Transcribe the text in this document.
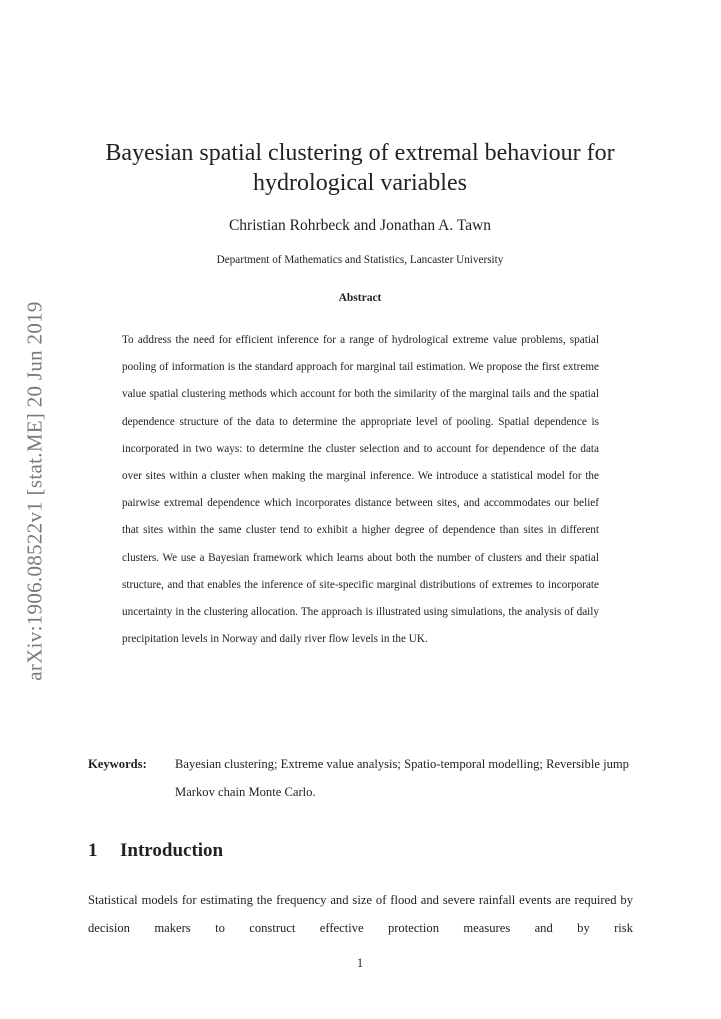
arXiv:1906.08522v1 [stat.ME] 20 Jun 2019
Bayesian spatial clustering of extremal behaviour for hydrological variables
Christian Rohrbeck and Jonathan A. Tawn
Department of Mathematics and Statistics, Lancaster University
Abstract

To address the need for efficient inference for a range of hydrological extreme value problems, spatial pooling of information is the standard approach for marginal tail estimation. We propose the first extreme value spatial clustering methods which account for both the similarity of the marginal tails and the spatial dependence structure of the data to determine the appropriate level of pooling. Spatial dependence is incorporated in two ways: to determine the cluster selection and to account for dependence of the data over sites within a cluster when making the marginal inference. We introduce a statistical model for the pairwise extremal dependence which incorporates distance between sites, and accommodates our belief that sites within the same cluster tend to exhibit a higher degree of dependence than sites in different clusters. We use a Bayesian framework which learns about both the number of clusters and their spatial structure, and that enables the inference of site-specific marginal distributions of extremes to incorporate uncertainty in the clustering allocation. The approach is illustrated using simulations, the analysis of daily precipitation levels in Norway and daily river flow levels in the UK.

Keywords: Bayesian clustering; Extreme value analysis; Spatio-temporal modelling; Reversible jump Markov chain Monte Carlo.
1 Introduction

Statistical models for estimating the frequency and size of flood and severe rainfall events are required by decision makers to construct effective protection measures and by risk

1
